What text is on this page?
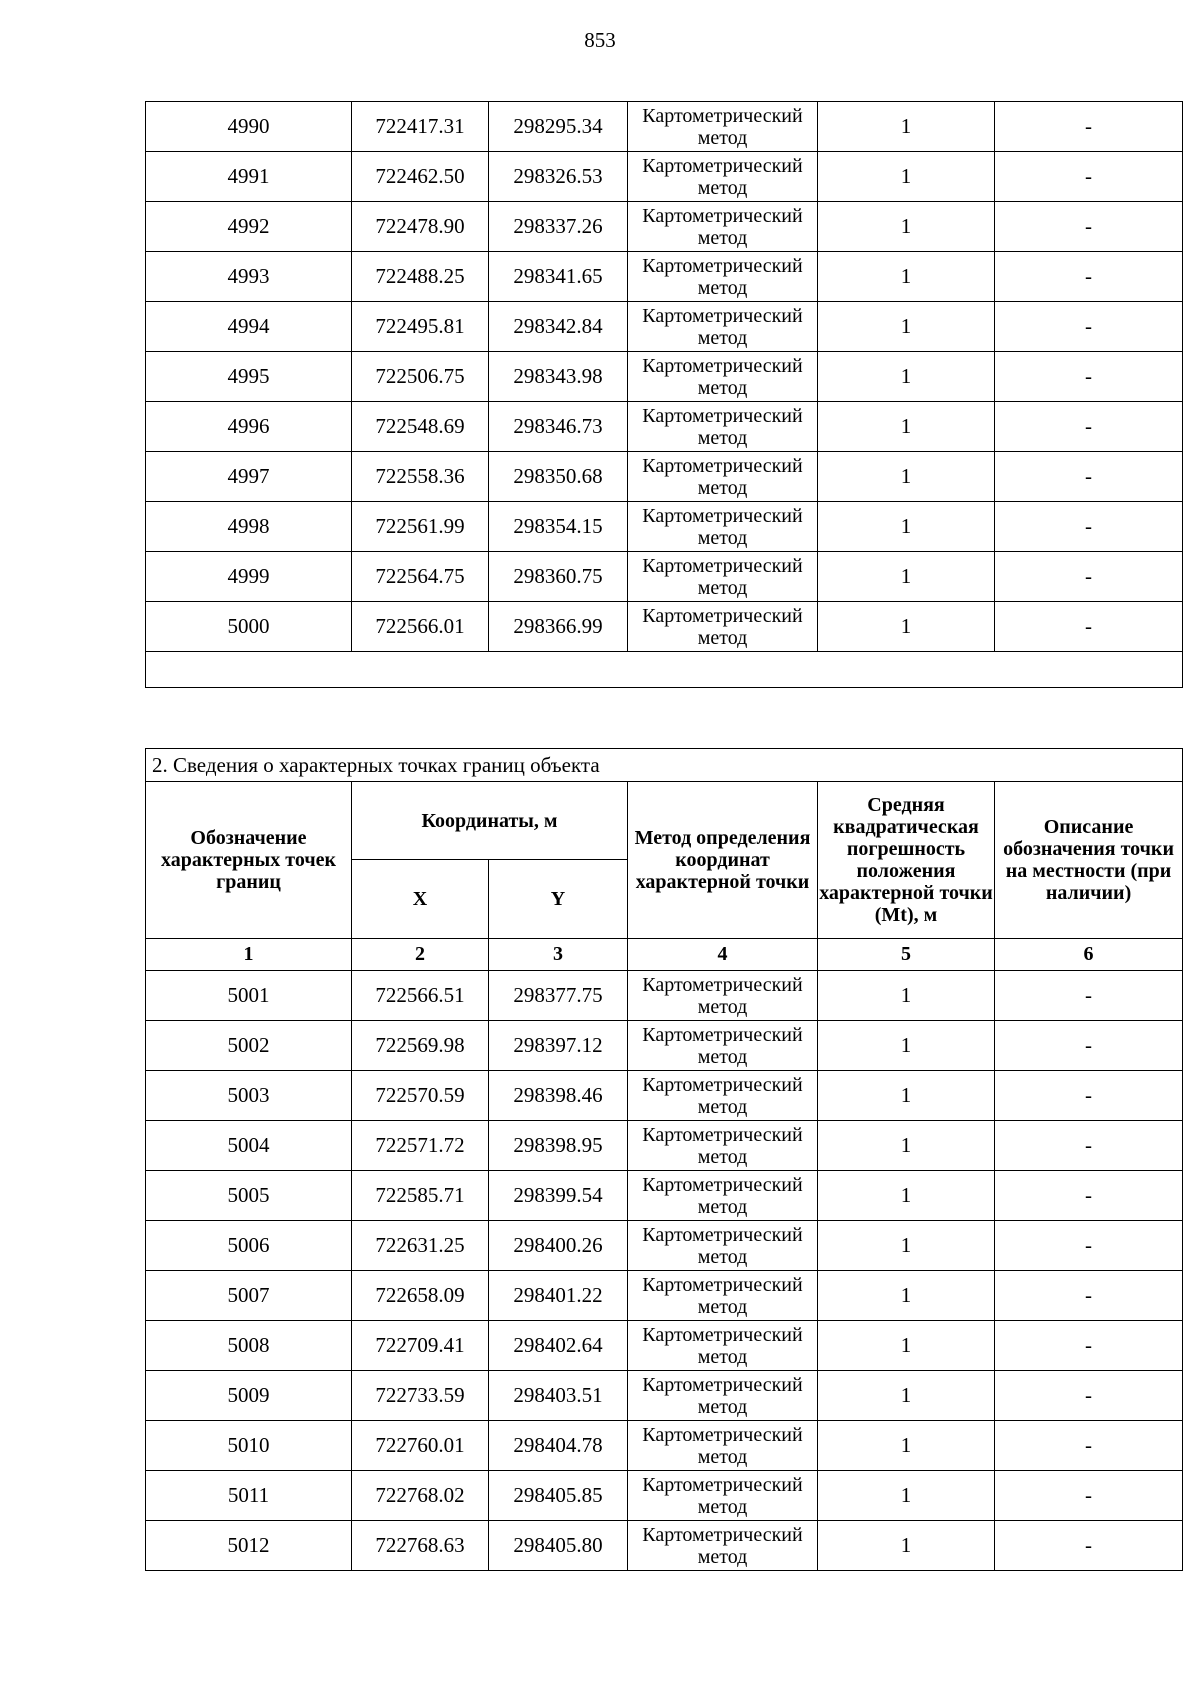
853
4990	722417.31	298295.34	Картометрический метод	1	-
4991	722462.50	298326.53	Картометрический метод	1	-
4992	722478.90	298337.26	Картометрический метод	1	-
4993	722488.25	298341.65	Картометрический метод	1	-
4994	722495.81	298342.84	Картометрический метод	1	-
4995	722506.75	298343.98	Картометрический метод	1	-
4996	722548.69	298346.73	Картометрический метод	1	-
4997	722558.36	298350.68	Картометрический метод	1	-
4998	722561.99	298354.15	Картометрический метод	1	-
4999	722564.75	298360.75	Картометрический метод	1	-
5000	722566.01	298366.99	Картометрический метод	1	-

2. Сведения о характерных точках границ объекта					
Обозначение характерных точек границ	Координаты, м		Метод определения координат характерной точки	Средняя квадратическая погрешность положения характерной точки (Mt), м	Описание обозначения точки на местности (при наличии)
	X	Y			
1	2	3	4	5	6
5001	722566.51	298377.75	Картометрический метод	1	-
5002	722569.98	298397.12	Картометрический метод	1	-
5003	722570.59	298398.46	Картометрический метод	1	-
5004	722571.72	298398.95	Картометрический метод	1	-
5005	722585.71	298399.54	Картометрический метод	1	-
5006	722631.25	298400.26	Картометрический метод	1	-
5007	722658.09	298401.22	Картометрический метод	1	-
5008	722709.41	298402.64	Картометрический метод	1	-
5009	722733.59	298403.51	Картометрический метод	1	-
5010	722760.01	298404.78	Картометрический метод	1	-
5011	722768.02	298405.85	Картометрический метод	1	-
5012	722768.63	298405.80	Картометрический метод	1	-
